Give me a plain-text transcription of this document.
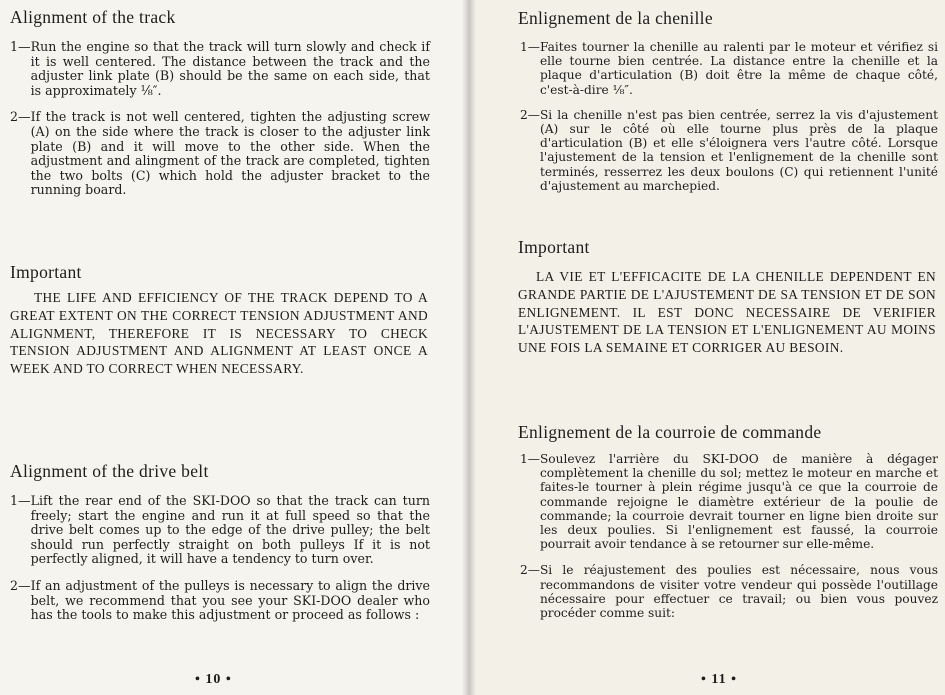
Alignment of the track
1— Run the engine so that the track will turn slowly and check if it is well centered. The distance between the track and the adjuster link plate (B) should be the same on each side, that is approximately ⅛″.
2— If the track is not well centered, tighten the adjusting screw (A) on the side where the track is closer to the adjuster link plate (B) and it will move to the other side. When the adjustment and alingment of the track are completed, tighten the two bolts (C) which hold the adjuster bracket to the running board.
Important
THE LIFE AND EFFICIENCY OF THE TRACK DEPEND TO A GREAT EXTENT ON THE CORRECT TENSION ADJUSTMENT AND ALIGNMENT, THEREFORE IT IS NECESSARY TO CHECK TENSION ADJUSTMENT AND ALIGNMENT AT LEAST ONCE A WEEK AND TO CORRECT WHEN NECESSARY.
Alignment of the drive belt
1— Lift the rear end of the SKI-DOO so that the track can turn freely; start the engine and run it at full speed so that the drive belt comes up to the edge of the drive pulley; the belt should run perfectly straight on both pulleys If it is not perfectly aligned, it will have a tendency to turn over.
2— If an adjustment of the pulleys is necessary to align the drive belt, we recommend that you see your SKI-DOO dealer who has the tools to make this adjustment or proceed as follows :
• 10 •
Enlignement de la chenille
1— Faites tourner la chenille au ralenti par le moteur et vérifiez si elle tourne bien centrée. La distance entre la chenille et la plaque d'articulation (B) doit être la même de chaque côté, c'est-à-dire ⅛″.
2— Si la chenille n'est pas bien centrée, serrez la vis d'ajustement (A) sur le côté où elle tourne plus près de la plaque d'articulation (B) et elle s'éloignera vers l'autre côté. Lorsque l'ajustement de la tension et l'enlignement de la chenille sont terminés, resserrez les deux boulons (C) qui retiennent l'unité d'ajustement au marchepied.
Important
LA VIE ET L'EFFICACITE DE LA CHENILLE DEPENDENT EN GRANDE PARTIE DE L'AJUSTEMENT DE SA TENSION ET DE SON ENLIGNEMENT. IL EST DONC NECESSAIRE DE VERIFIER L'AJUSTEMENT DE LA TENSION ET L'ENLIGNEMENT AU MOINS UNE FOIS LA SEMAINE ET CORRIGER AU BESOIN.
Enlignement de la courroie de commande
1— Soulevez l'arrière du SKI-DOO de manière à dégager complètement la chenille du sol; mettez le moteur en marche et faites-le tourner à plein régime jusqu'à ce que la courroie de commande rejoigne le diamètre extérieur de la poulie de commande; la courroie devrait tourner en ligne bien droite sur les deux poulies. Si l'enlignement est faussé, la courroie pourrait avoir tendance à se retourner sur elle-même.
2— Si le réajustement des poulies est nécessaire, nous vous recommandons de visiter votre vendeur qui possède l'outillage nécessaire pour effectuer ce travail; ou bien vous pouvez procéder comme suit:
• 11 •
